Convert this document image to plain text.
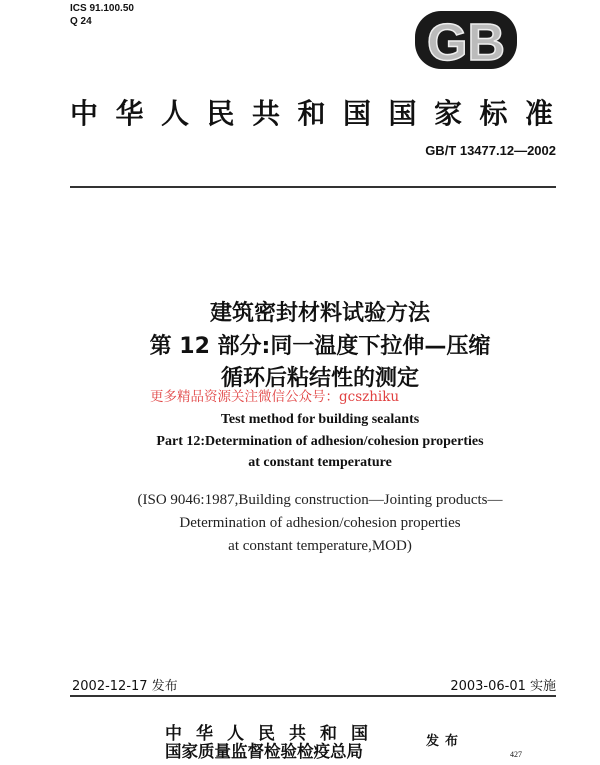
ICS 91.100.50
Q 24	GB
中华人民共和国国家标准
GB/T 13477.12—2002
建筑密封材料试验方法
第 12 部分:同一温度下拉伸—压缩
循环后粘结性的测定
更多精品资源关注微信公众号：gcszhiku
Test method for building sealants
Part 12:Determination of adhesion/cohesion properties
at constant temperature
(ISO 9046:1987,Building construction—Jointing products—
Determination of adhesion/cohesion properties
at constant temperature,MOD)
2002-12-17 发布	2003-06-01 实施
中华人民共和国
国家质量监督检验检疫总局
发布
427
